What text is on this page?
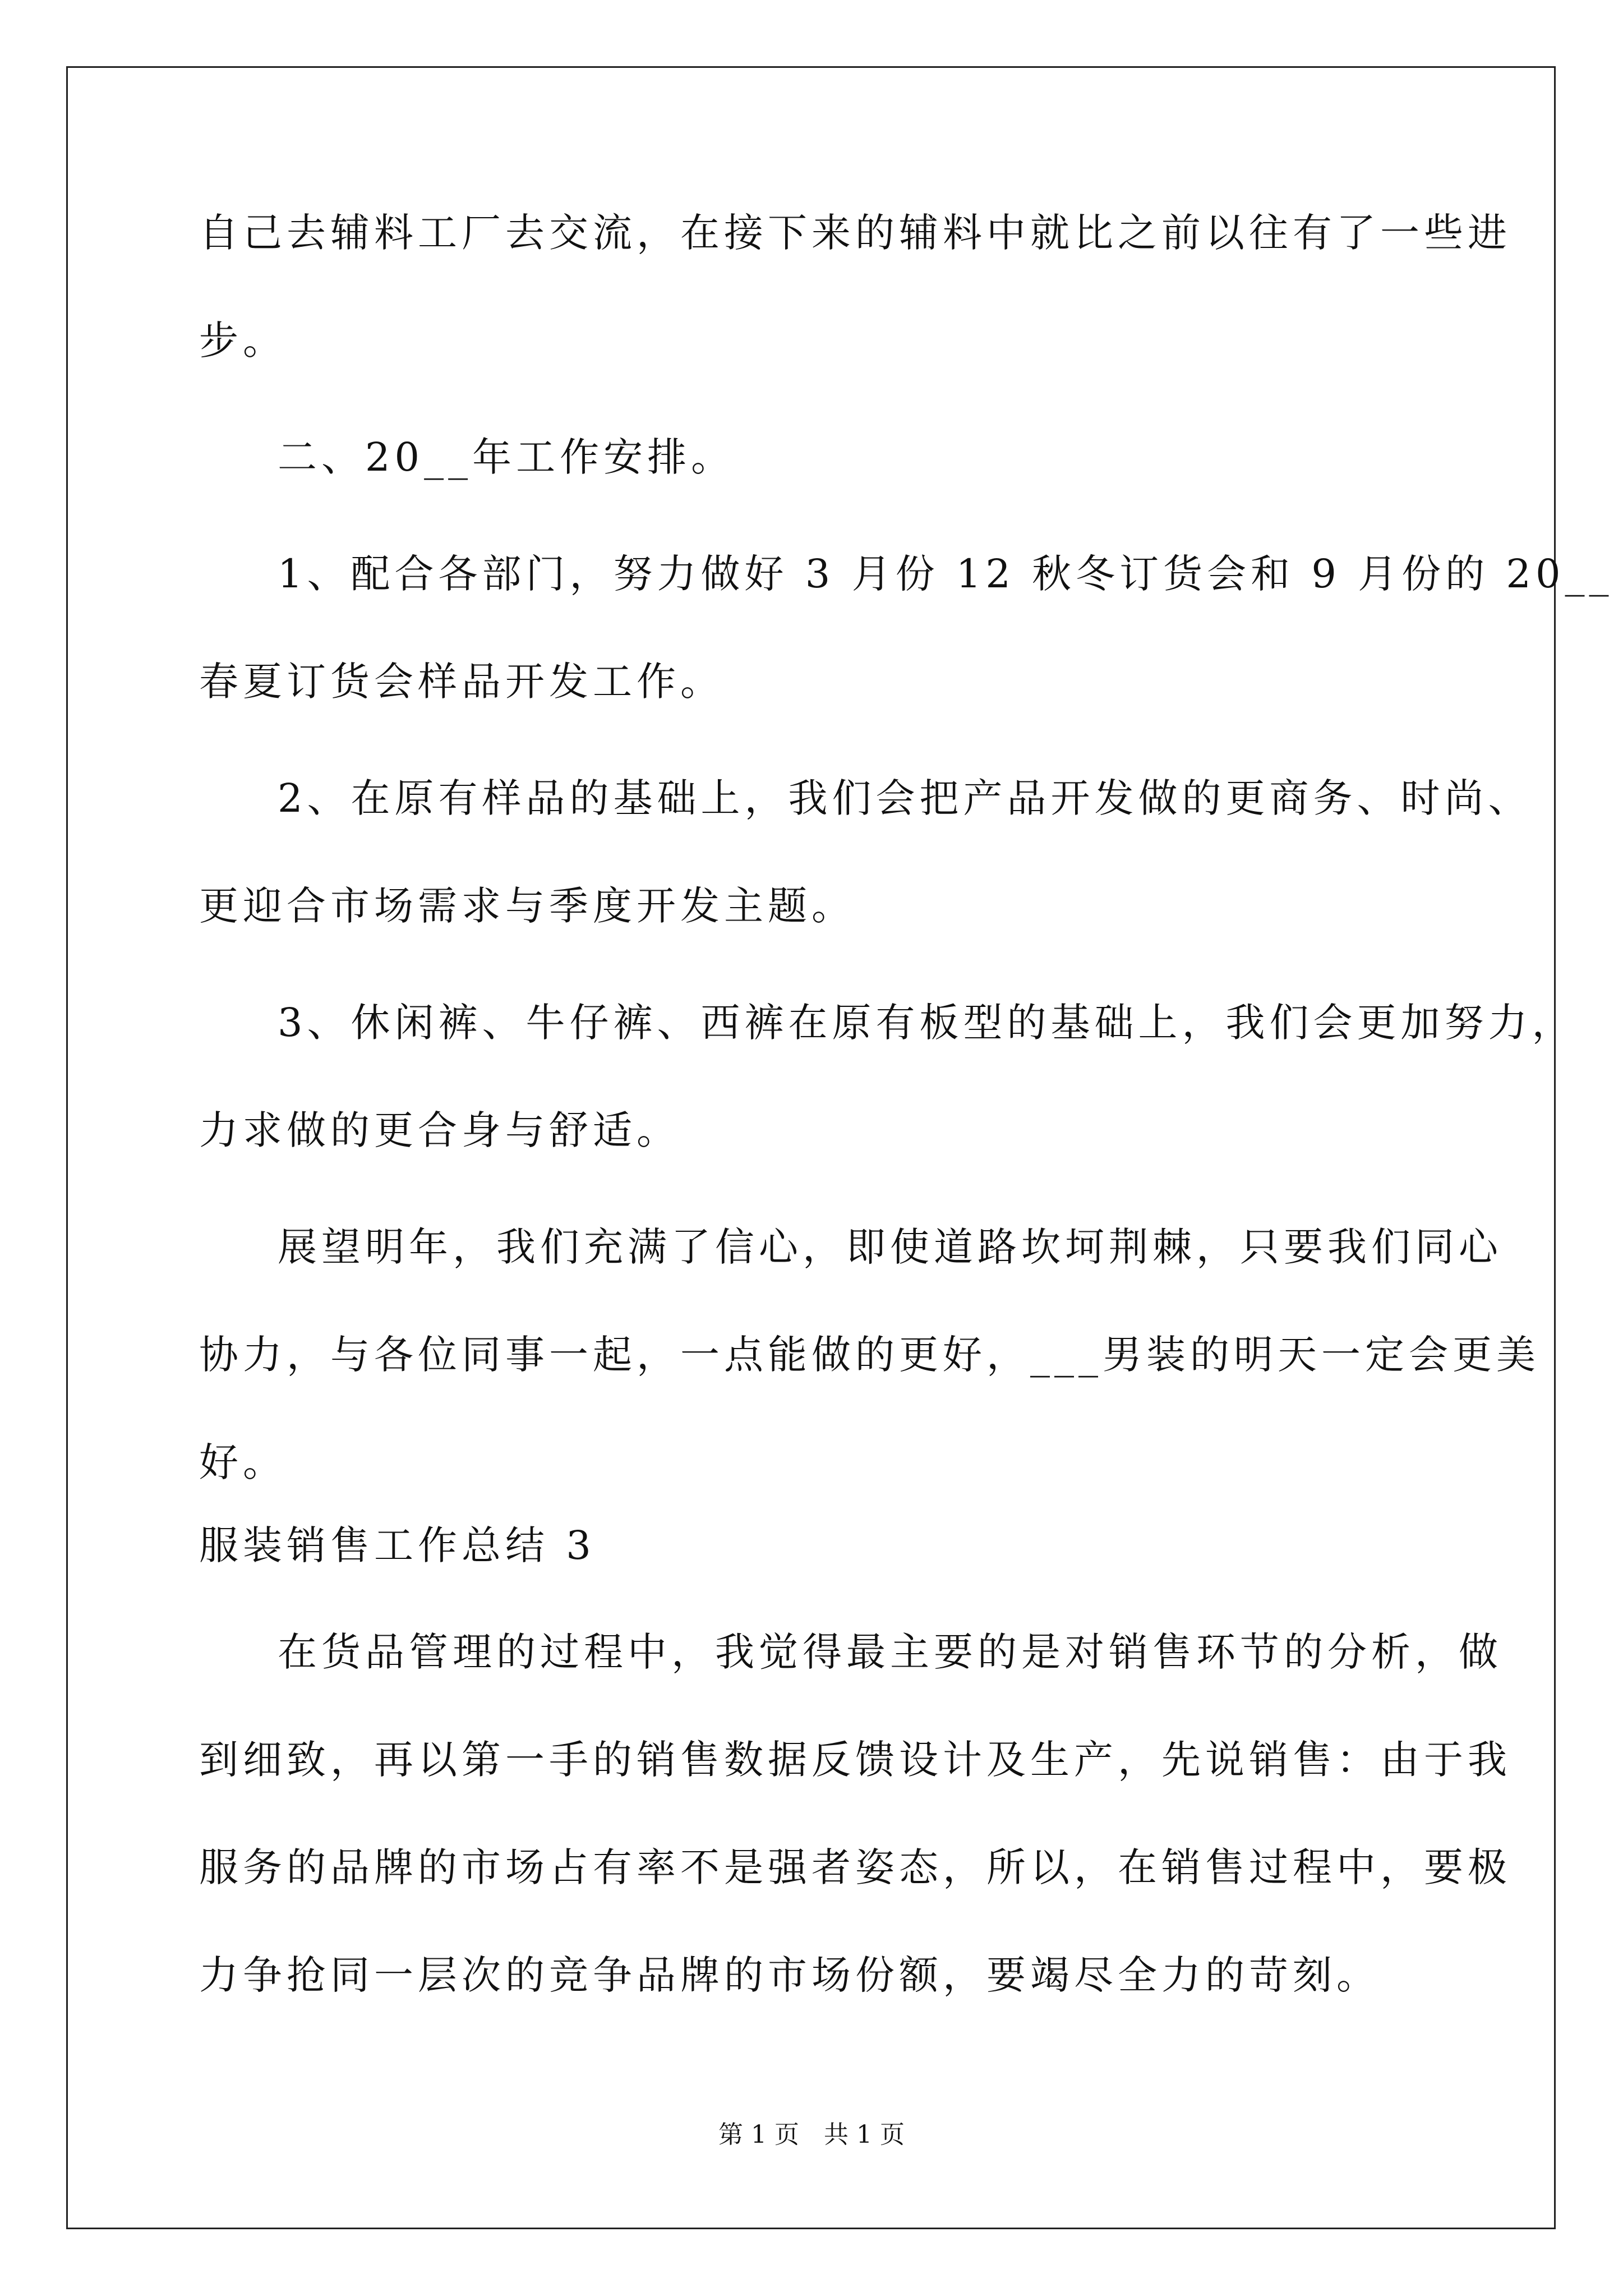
自己去辅料工厂去交流，在接下来的辅料中就比之前以往有了一些进
步。
二、20__年工作安排。
1、配合各部门，努力做好 3 月份 12 秋冬订货会和 9 月份的 20__
春夏订货会样品开发工作。
2、在原有样品的基础上，我们会把产品开发做的更商务、时尚、
更迎合市场需求与季度开发主题。
3、休闲裤、牛仔裤、西裤在原有板型的基础上，我们会更加努力，
力求做的更合身与舒适。
展望明年，我们充满了信心，即使道路坎坷荆棘，只要我们同心
协力，与各位同事一起，一点能做的更好，___男装的明天一定会更美
好。
服装销售工作总结 3
在货品管理的过程中，我觉得最主要的是对销售环节的分析，做
到细致，再以第一手的销售数据反馈设计及生产，先说销售：由于我
服务的品牌的市场占有率不是强者姿态，所以，在销售过程中，要极
力争抢同一层次的竞争品牌的市场份额，要竭尽全力的苛刻。
第 1 页　共 1 页
